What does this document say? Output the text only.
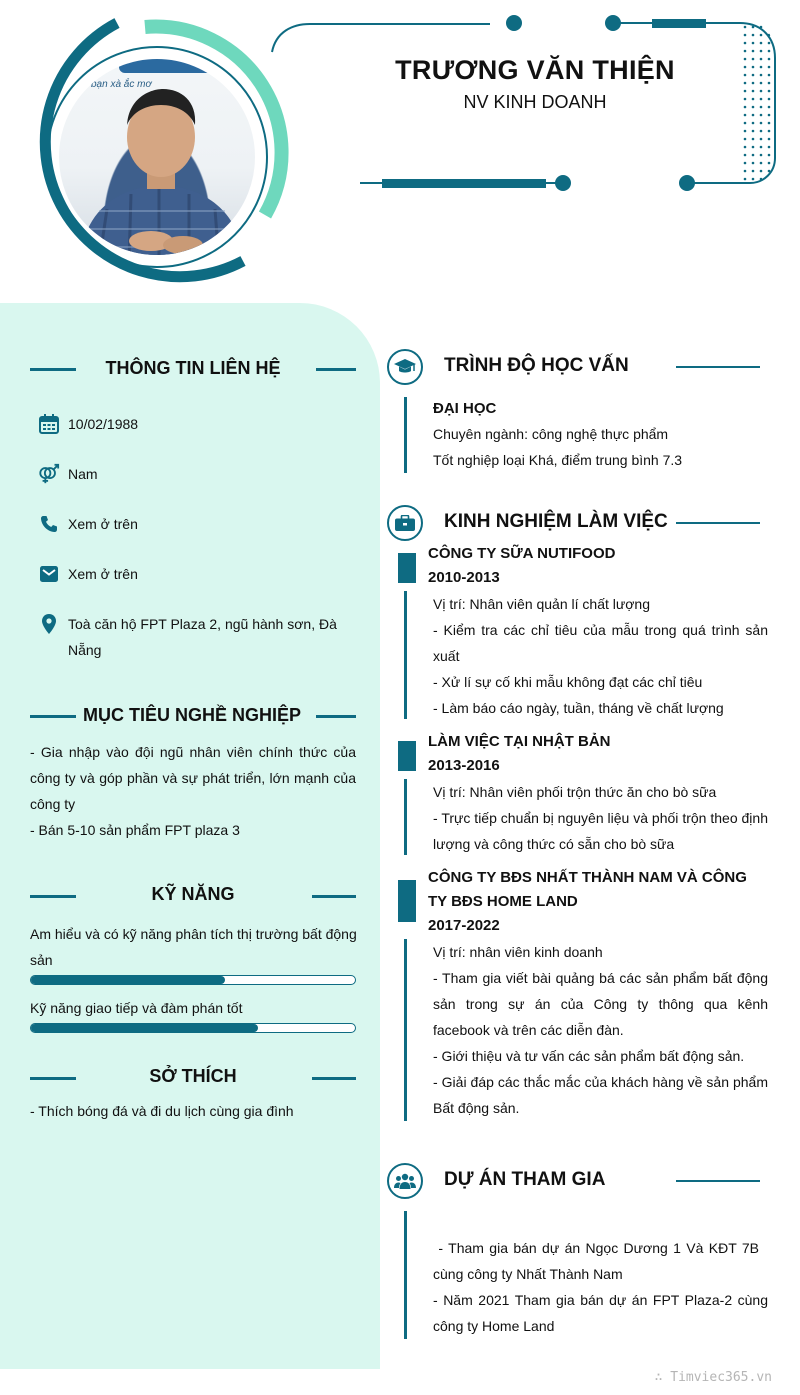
bạn xà ắc mơ	TRƯƠNG VĂN THIỆN
NV KINH DOANH
THÔNG TIN LIÊN HỆ
10/02/1988
Nam
Xem ở trên
Xem ở trên
Toà căn hộ FPT Plaza 2, ngũ hành sơn, Đà Nẵng
MỤC TIÊU NGHỀ NGHIỆP
- Gia nhập vào đội ngũ nhân viên chính thức của công ty và góp phần và sự phát triển, lớn mạnh của công ty
- Bán 5-10 sản phẩm FPT plaza 3
KỸ NĂNG
Am hiểu và có kỹ năng phân tích thị trường bất động sản
Kỹ năng giao tiếp và đàm phán tốt
SỞ THÍCH
- Thích bóng đá và đi du lịch cùng gia đình
TRÌNH ĐỘ HỌC VẤN
ĐẠI HỌC
Chuyên ngành: công nghệ thực phẩm
Tốt nghiệp loại Khá, điểm trung bình 7.3
KINH NGHIỆM LÀM VIỆC
CÔNG TY SỮA NUTIFOOD
2010-2013
Vị trí: Nhân viên quản lí chất lượng
- Kiểm tra các chỉ tiêu của mẫu trong quá trình sản xuất
- Xử lí sự cố khi mẫu không đạt các chỉ tiêu
- Làm báo cáo ngày, tuần, tháng về chất lượng
LÀM VIỆC TẠI NHẬT BẢN
2013-2016
Vị trí: Nhân viên phối trộn thức ăn cho bò sữa
- Trực tiếp chuẩn bị nguyên liệu và phối trộn theo định lượng và công thức có sẵn cho bò sữa
CÔNG TY BĐS NHẤT THÀNH NAM VÀ CÔNG TY BĐS HOME LAND
2017-2022
Vị trí: nhân viên kinh doanh
- Tham gia viết bài quảng bá các sản phẩm bất động sản trong sự án của Công ty thông qua kênh facebook và trên các diễn đàn.
- Giới thiệu và tư vấn các sản phẩm bất động sản.
- Giải đáp các thắc mắc của khách hàng về sản phẩm Bất động sản.
DỰ ÁN THAM GIA
- Tham gia bán dự án Ngọc Dương 1 Và KĐT 7B cùng công ty Nhất Thành Nam
- Năm 2021 Tham gia bán dự án FPT Plaza-2 cùng công ty Home Land
∴ Timviec365.vn
